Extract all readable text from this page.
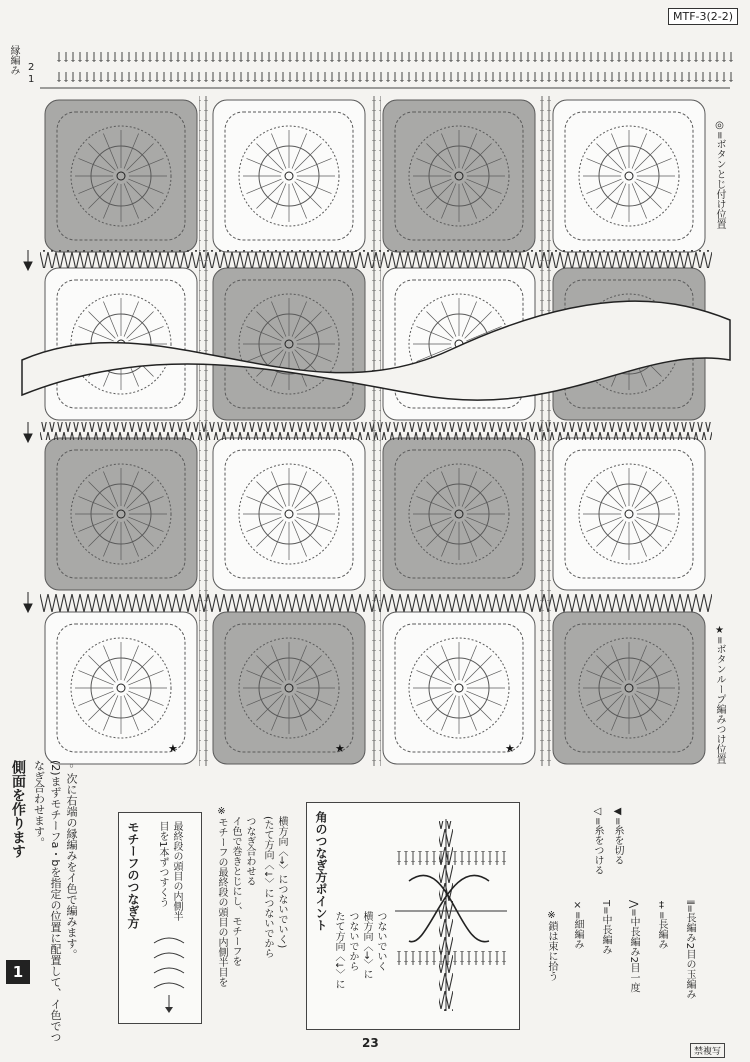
MTF-3(2-2)
★	★	★
2
1
◎=ボタンとじ付け位置
★=ボタンループ編みつけ位置
縁編み
1
側面を作ります	(2)まずモチーフa・bを指定の位置に配置して、イ色でつなぎ合わせます。	◦次に右端の縁編みをイ色で編みます。	モチーフのつなぎ方	最終段の頭目の内側半目を1本ずつすくう	※モチーフの最終段の頭目の内側半目を イ色で巻きとじにし、モチーフを つなぎ合わせる (たて方向〈↓〉につないでから 横方向〈→〉につないでいく) 角のつなぎ方ポイント
たて方向〈↓〉に つないでから 横方向〈→〉に つないでいく	※鎖は束に拾う
×=細編み
T=中長編み
⋀=中長編み2目一度
‡=長編み
⦀=長編み2目の玉編み
◁=糸をつける
◀=糸を切る
23
禁複写
